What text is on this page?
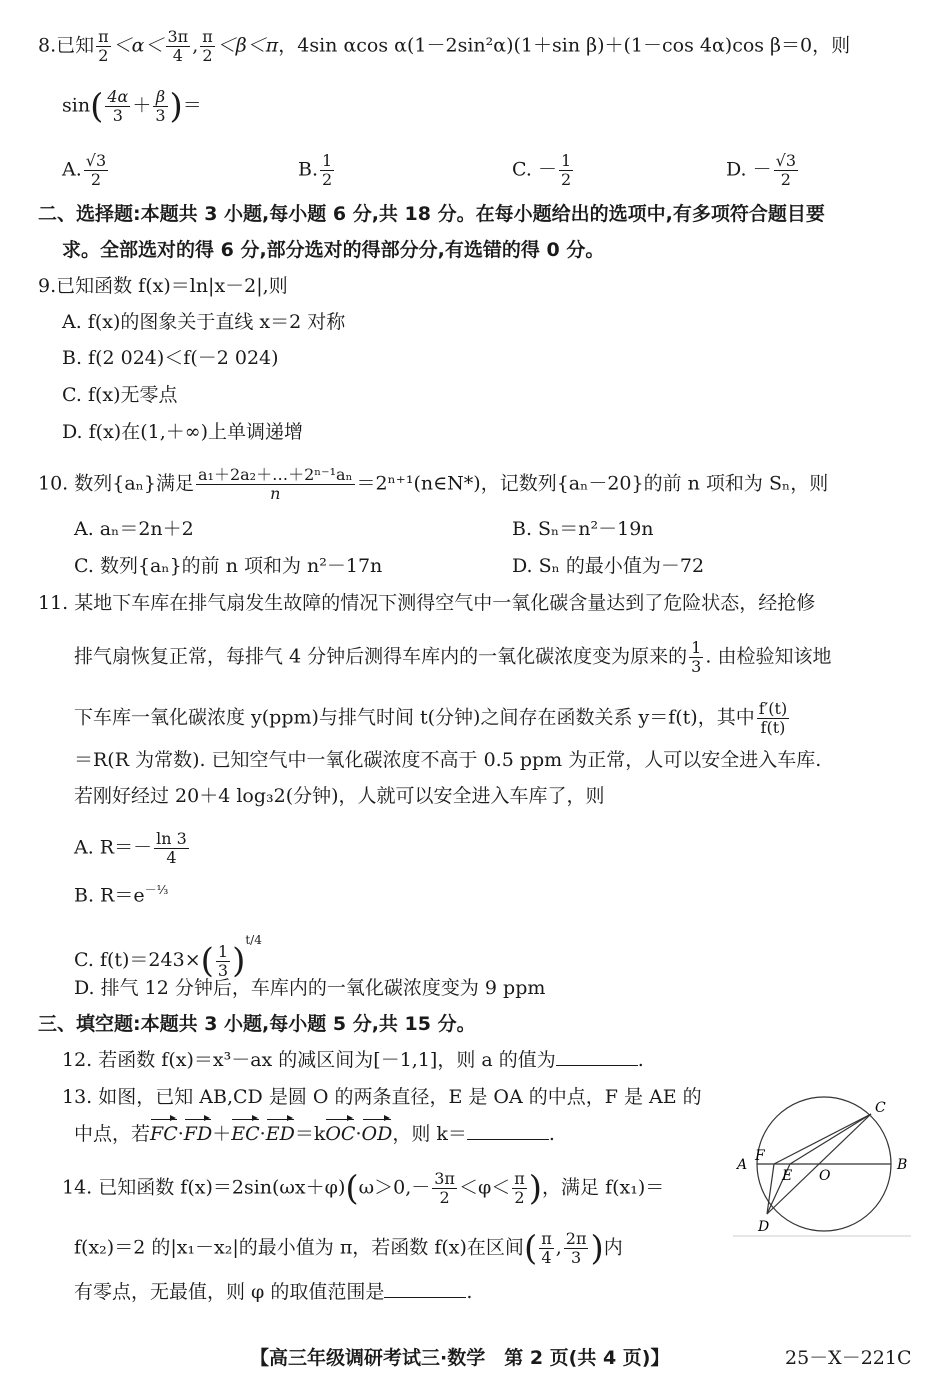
8.已知 $\frac{\pi}{2} <\alpha< \frac{3\pi}{4}$ , $\frac{\pi}{2} <\beta<\pi$，4sin αcos α(1－2sin²α)(1＋sin β)＋(1－cos 4α)cos β＝0，则
$\sin( \frac{4\alpha}{3} + \frac{\beta}{3}$ )＝
A. $\frac{√3}{2}$	B. $\frac{1}{2}$	C. － $\frac{1}{2}$	D. － $\frac{√3}{2}$
二、选择题:本题共 3 小题,每小题 6 分,共 18 分。在每小题给出的选项中,有多项符合题目要
求。全部选对的得 6 分,部分选对的得部分分,有选错的得 0 分。
9.已知函数 f(x)＝ln|x－2|,则
A. f(x)的图象关于直线 x＝2 对称
B. f(2 024)＜f(－2 024)
C. f(x)无零点
D. f(x)在(1,＋∞)上单调递增
10. 数列{aₙ}满足 $\frac{\text{a₁＋2a₂＋…＋2ⁿ⁻¹aₙ}}{n}$ ＝2ⁿ⁺¹(n∈N*)，记数列{aₙ－20}的前 n 项和为 Sₙ，则
A. aₙ＝2n＋2	B. Sₙ＝n²－19n
C. 数列{aₙ}的前 n 项和为 n²－17n	D. Sₙ 的最小值为－72
11. 某地下车库在排气扇发生故障的情况下测得空气中一氧化碳含量达到了危险状态，经抢修
排气扇恢复正常，每排气 4 分钟后测得车库内的一氧化碳浓度变为原来的 $\frac{1}{3}$ . 由检验知该地
下车库一氧化碳浓度 y(ppm)与排气时间 t(分钟)之间存在函数关系 y＝f(t)，其中 $\frac{f'(t)}{f(t)}$
＝R(R 为常数). 已知空气中一氧化碳浓度不高于 0.5 ppm 为正常，人可以安全进入车库.
若刚好经过 20＋4 log₃2(分钟)，人就可以安全进入车库了，则
A. $R=- \frac{\ln 3}{4}$
B. $R=e^{-\frac{1}{3}}$
C. $f(t)=243\times( \frac{1}{3} )^{t/4}$
D. 排气 12 分钟后，车库内的一氧化碳浓度变为 9 ppm
三、填空题:本题共 3 小题,每小题 5 分,共 15 分。
12. 若函数 f(x)＝x³－ax 的减区间为[－1,1]，则 a 的值为	.
13. 如图，已知 AB,CD 是圆 O 的两条直径，E 是 OA 的中点，F 是 AE 的
中点，若FC·FD＋EC·ED＝kOC·OD，则 k＝	.
14. 已知函数 $f(x)=2\sin(\omega x+\varphi)(\omega>0,- \frac{3\pi}{2} <\varphi< \frac{\pi}{2}$ )，满足 f(x₁)＝
f(x₂)＝2 的|x₁－x₂|的最小值为 π，若函数 f(x)在区间( $\frac{\pi}{4}$ , $\frac{2\pi}{3}$ )内
有零点，无最值，则 φ 的取值范围是	.
A	B
C
D
E
F
O
【高三年级调研考试三·数学　第 2 页(共 4 页)】	25－X－221C
